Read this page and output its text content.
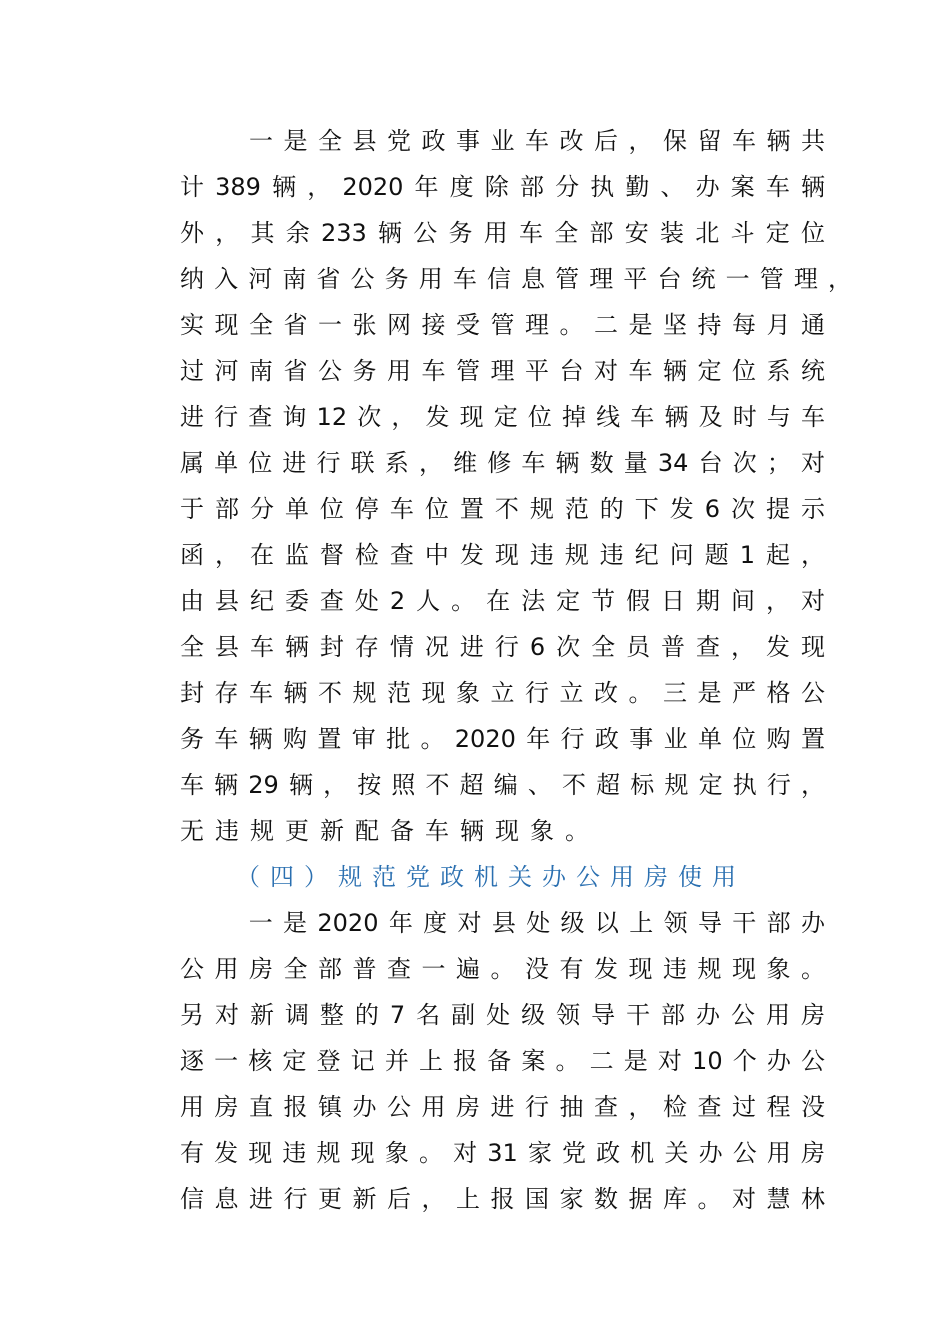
　　一是全县党政事业车改后，保留车辆共
计389辆，2020年度除部分执勤、办案车辆
外，其余233辆公务用车全部安装北斗定位
纳入河南省公务用车信息管理平台统一管理，
实现全省一张网接受管理。二是坚持每月通
过河南省公务用车管理平台对车辆定位系统
进行查询12次，发现定位掉线车辆及时与车
属单位进行联系，维修车辆数量34台次；对
于部分单位停车位置不规范的下发6次提示
函，在监督检查中发现违规违纪问题1起，
由县纪委查处2人。在法定节假日期间，对
全县车辆封存情况进行6次全员普查，发现
封存车辆不规范现象立行立改。三是严格公
务车辆购置审批。2020年行政事业单位购置
车辆29辆，按照不超编、不超标规定执行，
无违规更新配备车辆现象。
（四）规范党政机关办公用房使用
　　一是2020年度对县处级以上领导干部办
公用房全部普查一遍。没有发现违规现象。
另对新调整的7名副处级领导干部办公用房
逐一核定登记并上报备案。二是对10个办公
用房直报镇办公用房进行抽查，检查过程没
有发现违规现象。对31家党政机关办公用房
信息进行更新后，上报国家数据库。对慧林
